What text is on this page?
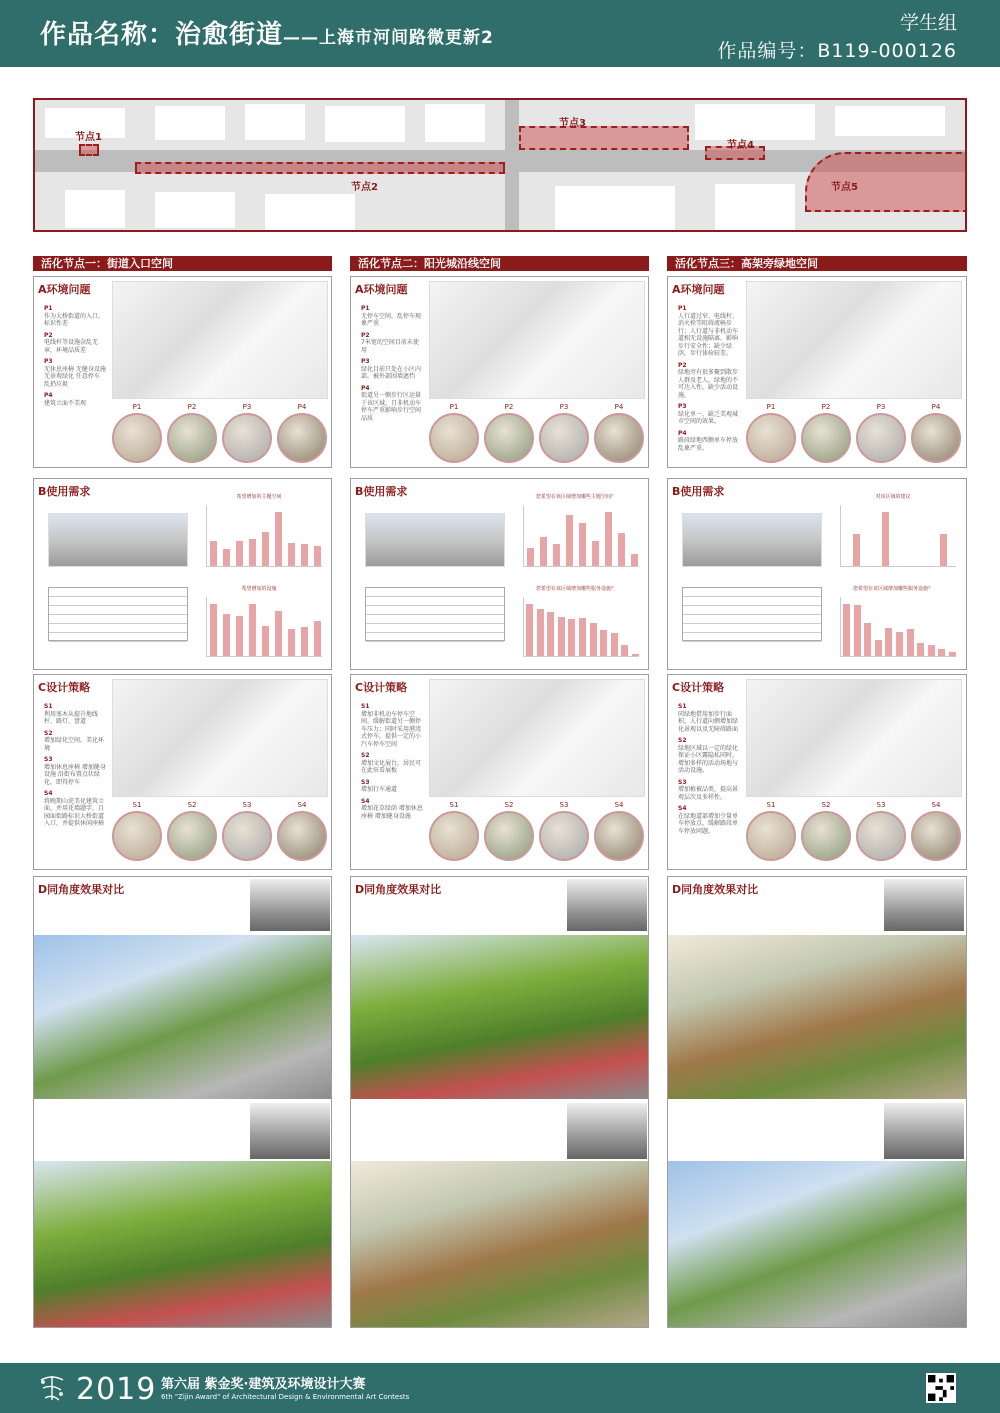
作品名称：治愈街道——上海市河间路微更新2
学生组
作品编号：B119-000126
节点1
节点2
节点3
节点4
节点5
活化节点一：街道入口空间	活化节点二：阳光城沿线空间	活化节点三：高架旁绿地空间
A环境问题
P1
作为大桥街道的入口，标识性差
P2
电线杆等设施杂乱无章，环境品质差
P3
无休息座椅 无健身设施 无景观绿化 任意停车 乱扔垃圾
P4
建筑立面不美观	P1	P2	P3	P4
B使用需求	希望增加的主题空间
希望增加的设施
C设计策略
S1
利用塞木从提升地线杆、路灯、窨道
S2
增加绿化空间，美化环境
S3
增加休息座椅 增加健身设施 沿街布置点状绿化，即得停车
S4
将晚期山虎美化建筑立面，并用花墙题字，且园面街路标识大桥街道入口，并提供休闲座椅
S1	S2	S3	S4
D同角度效果对比
A环境问题
P1
无停车空间，乱停车现象严重
P2
7米宽的空间目前未使用
P3
绿化目前只处在小区内部，被外部围墙遮挡
P4
街道另一侧步行区运量于该区域，且非机动车停车严重影响步行空间品质
P1	P2	P3	P4
B使用需求	您希望在该区域增加哪些主题空间？
您希望在该区域增加哪些服务设施？
C设计策略
S1
增加非机动车停车空间，缓解街道另一侧停车压力；同时采用港湾式停车，提供一定的小汽车停车空间
S2
增加文化展台，居民可在此驻看展板
S3
增加行车通道
S4
增加花草绿荫 增加休息座椅 增加健身设施
S1	S2	S3	S4
D同角度效果对比
A环境问题
P1
人行道过窄、电线杆、消火栓等阻碍流畅步行；人行道与非机动车道相无设施隔离，影响步行安全性；缺少绿荫，步行体验较差。
P2
绿地旁有很多聚到散步人群及老人，绿地的不可达入性，缺少活动设施。
P3
绿化单一，缺乏美观城市空间的效果。
P4
路段绿地西侧单车停放乱象严重。
P1	P2	P3	P4
B使用需求	对该区域的建议
您希望在该区域增加哪些服务设施？
C设计策略
S1
同绿地借用加步行面积，人行道向侧增加绿化景观以及无障碍路面
S2
绿地区域以一定的绿化保证小区露隐私同时，增加多样的活动场地与活动设施。
S3
增加植被品类，提高景观层次及多样性。
S4
在绿地道部增加少量单车停放点，缓解路段单车停放问题。
S1	S2	S3	S4
D同角度效果对比
2019 第六届 紫金奖·建筑及环境设计大赛
6th "Zijin Award" of Architectural Design & Environmental Art Contests
